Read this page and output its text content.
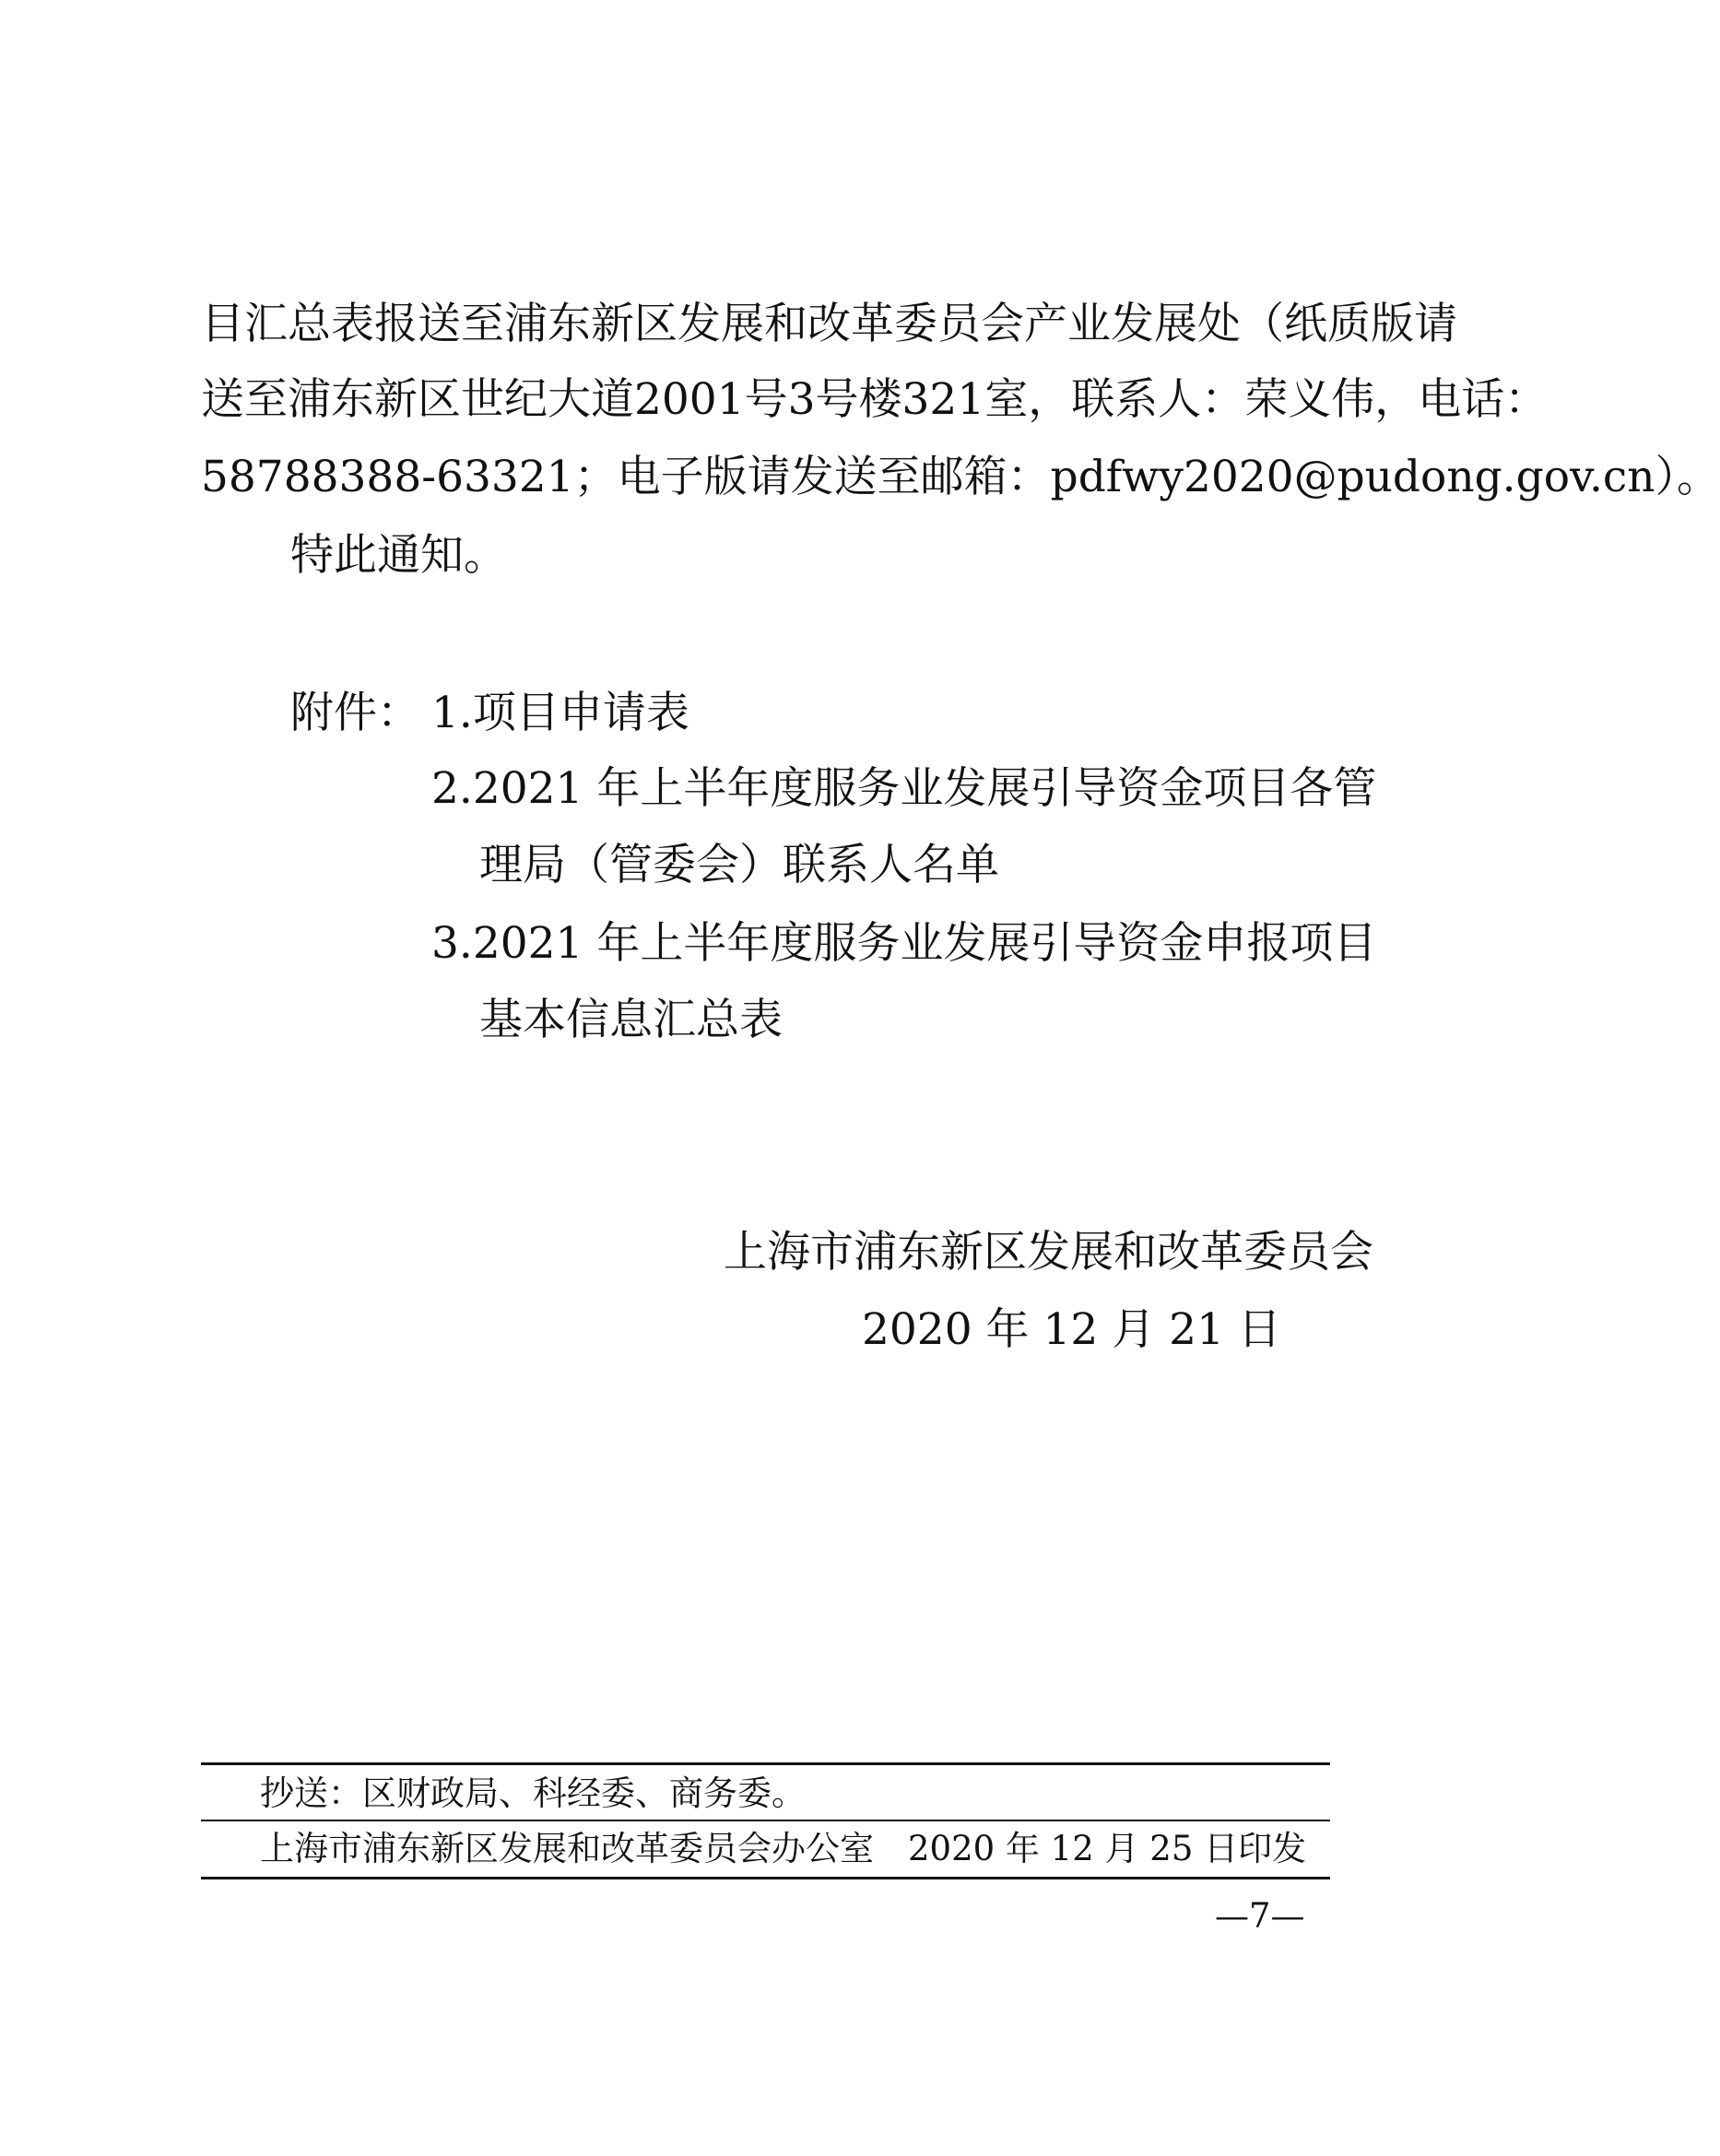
目汇总表报送至浦东新区发展和改革委员会产业发展处（纸质版请
送至浦东新区世纪大道2001号3号楼321室，联系人：荣义伟，电话：
58788388-63321；电子版请发送至邮箱：pdfwy2020@pudong.gov.cn）。
特此通知。
附件： 1.项目申请表
2.2021 年上半年度服务业发展引导资金项目各管
理局（管委会）联系人名单
3.2021 年上半年度服务业发展引导资金申报项目
基本信息汇总表
上海市浦东新区发展和改革委员会
2020 年 12 月 21 日
抄送：区财政局、科经委、商务委。
上海市浦东新区发展和改革委员会办公室　2020 年 12 月 25 日印发
—7—
